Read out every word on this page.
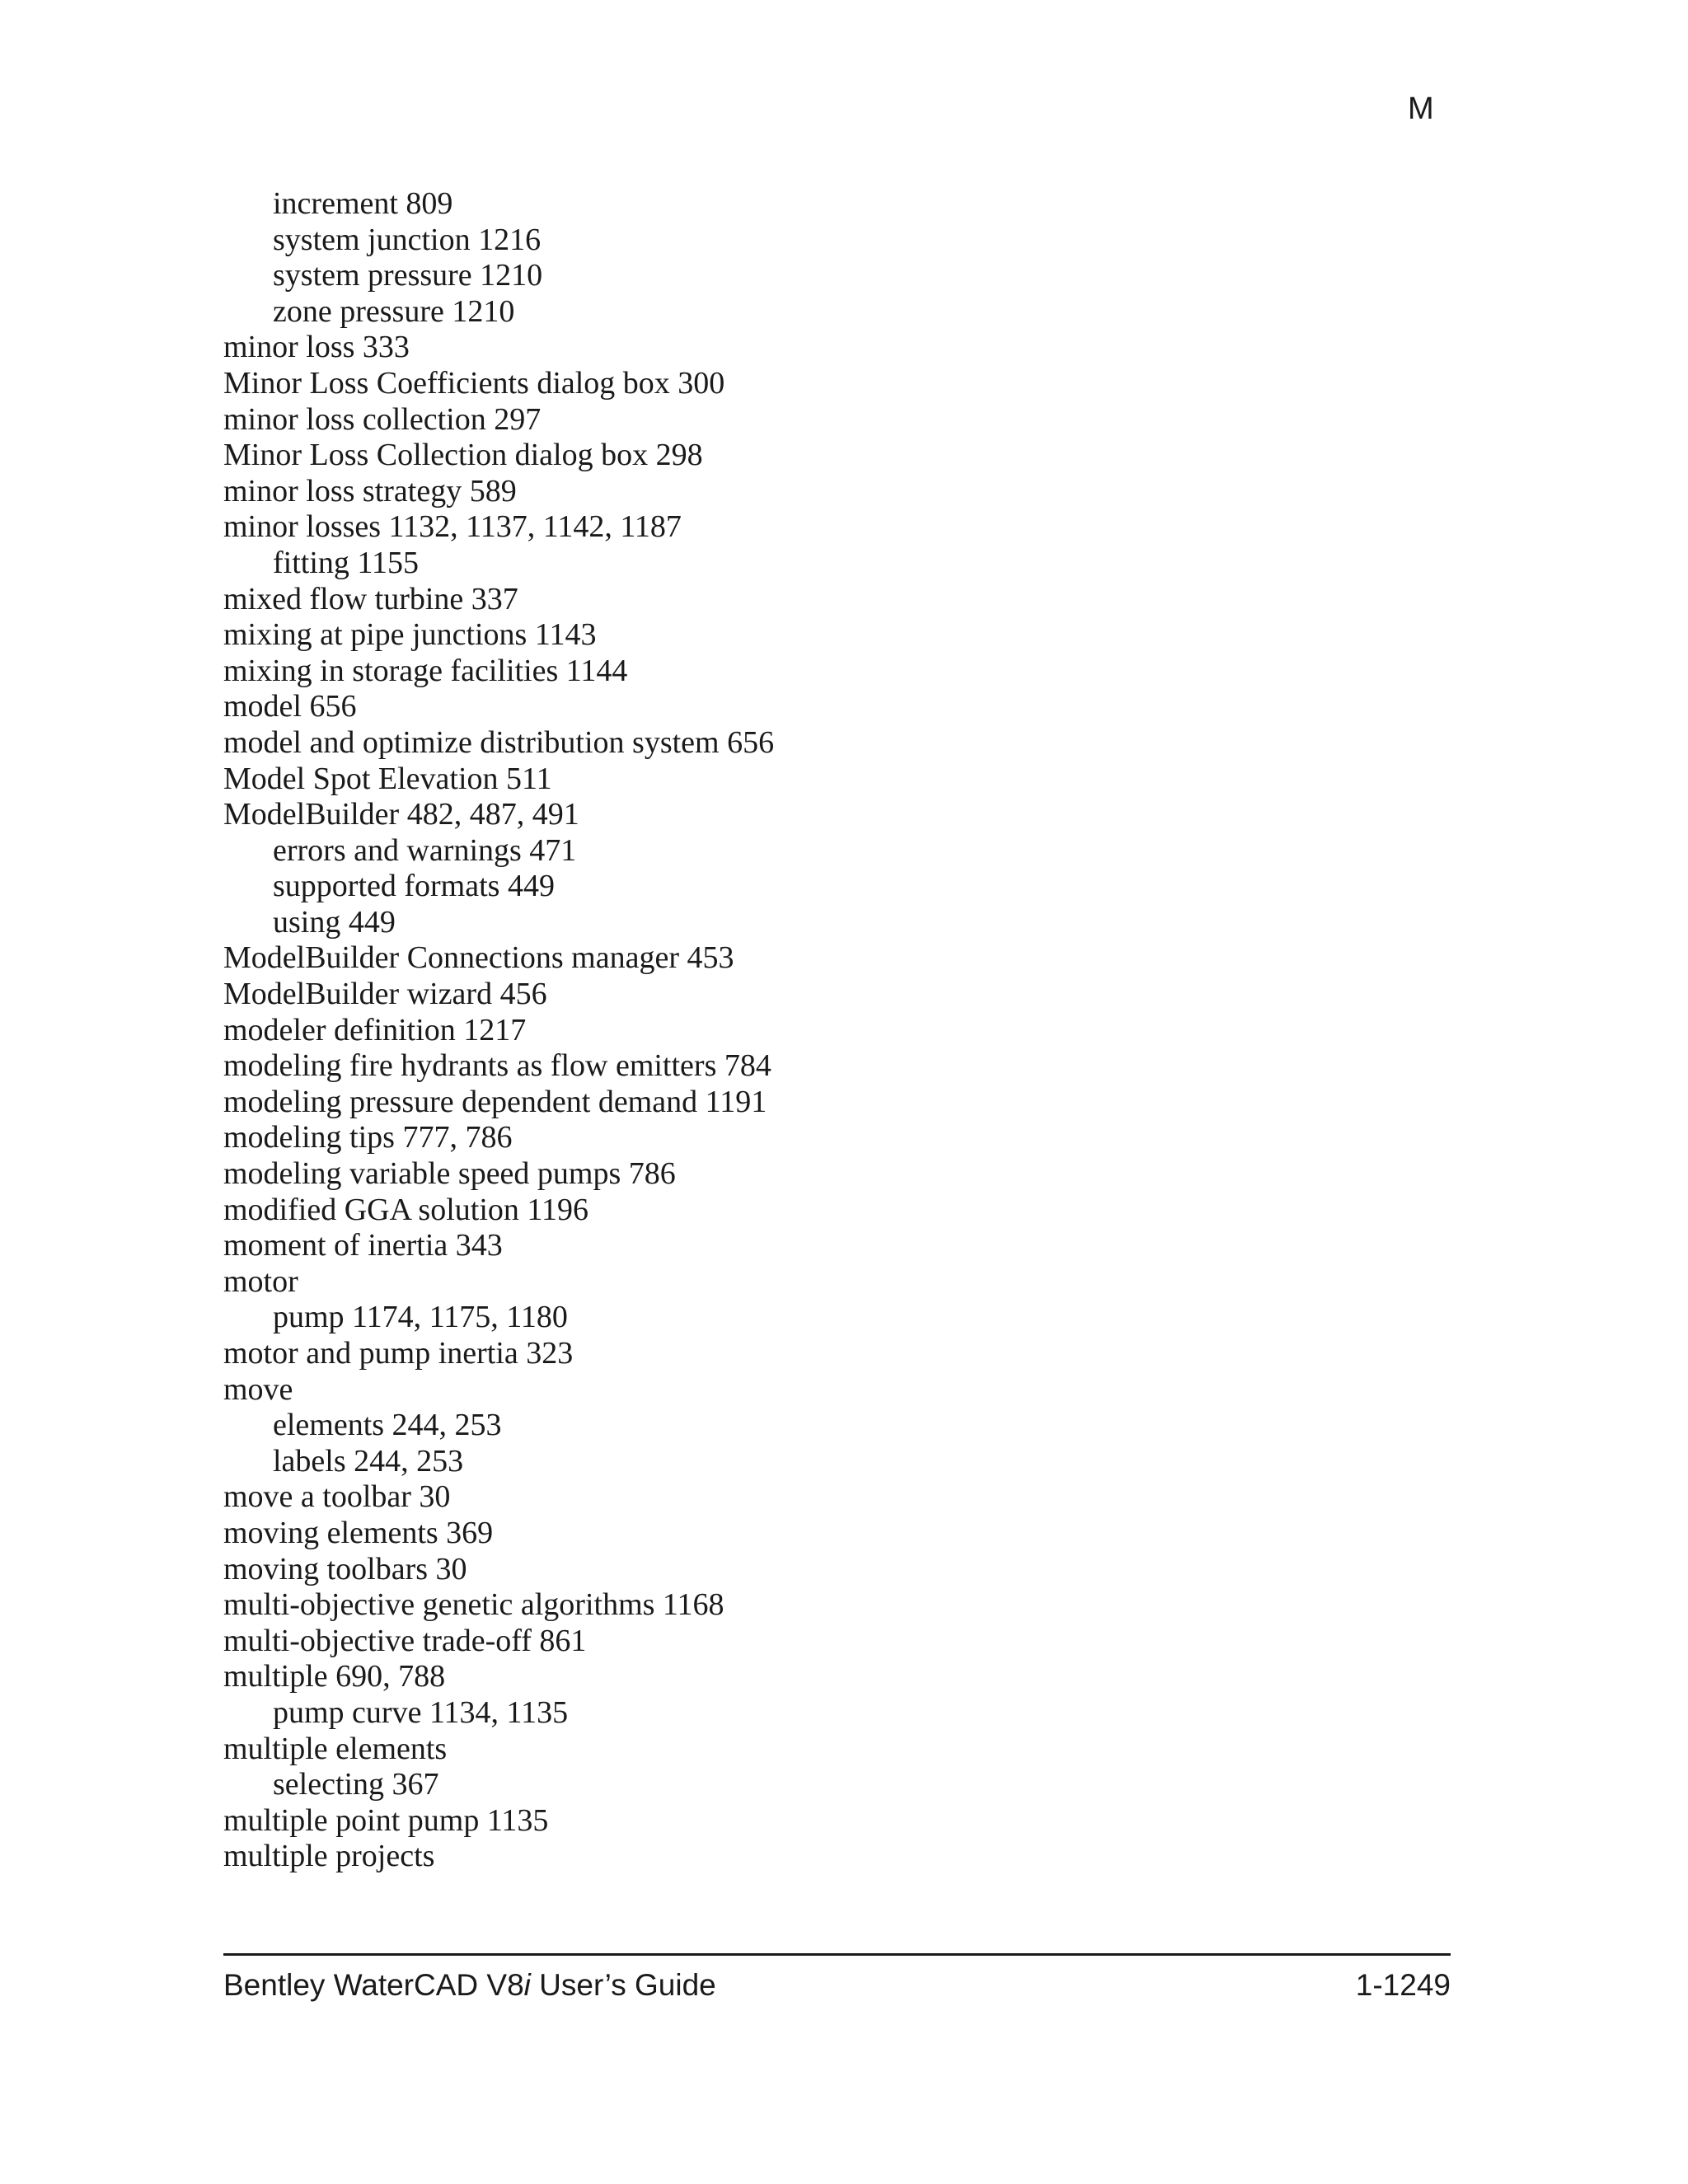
M
increment 809
system junction 1216
system pressure 1210
zone pressure 1210
minor loss 333
Minor Loss Coefficients dialog box 300
minor loss collection 297
Minor Loss Collection dialog box 298
minor loss strategy 589
minor losses 1132, 1137, 1142, 1187
fitting 1155
mixed flow turbine 337
mixing at pipe junctions 1143
mixing in storage facilities 1144
model 656
model and optimize distribution system 656
Model Spot Elevation 511
ModelBuilder 482, 487, 491
errors and warnings 471
supported formats 449
using 449
ModelBuilder Connections manager 453
ModelBuilder wizard 456
modeler definition 1217
modeling fire hydrants as flow emitters 784
modeling pressure dependent demand 1191
modeling tips 777, 786
modeling variable speed pumps 786
modified GGA solution 1196
moment of inertia 343
motor
pump 1174, 1175, 1180
motor and pump inertia 323
move
elements 244, 253
labels 244, 253
move a toolbar 30
moving elements 369
moving toolbars 30
multi-objective genetic algorithms 1168
multi-objective trade-off 861
multiple 690, 788
pump curve 1134, 1135
multiple elements
selecting 367
multiple point pump 1135
multiple projects
Bentley WaterCAD V8i User’s Guide	1-1249
